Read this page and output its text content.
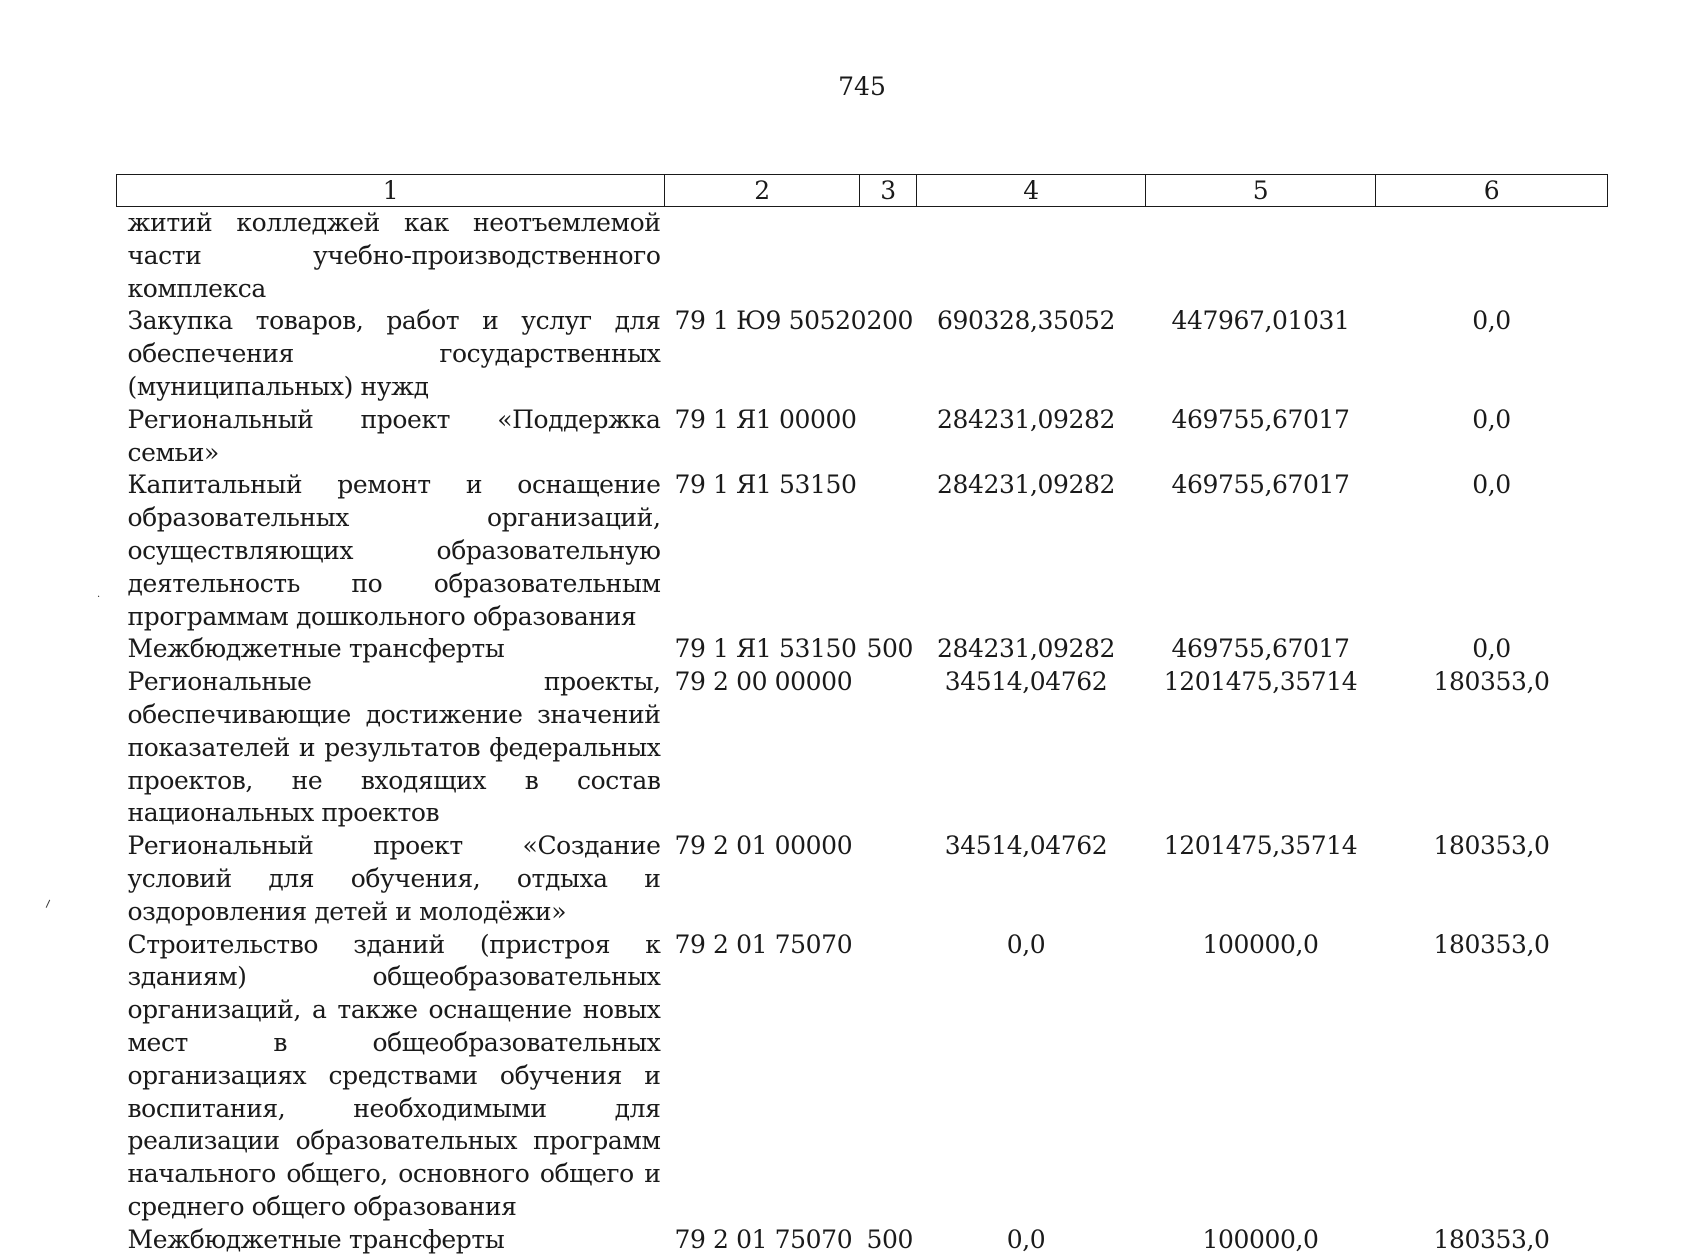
745
1	2	3	4	5	6
житий колледжей как неотъемлемой части учебно-производственного комплекса					
Закупка товаров, работ и услуг для обеспечения государственных (муниципальных) нужд	79 1 Ю9 50520	200	690328,35052	447967,01031	0,0
Региональный проект «Поддержка семьи»	79 1 Я1 00000		284231,09282	469755,67017	0,0
Капитальный ремонт и оснащение образовательных организаций, осуществляющих образовательную деятельность по образовательным программам дошкольного образования	79 1 Я1 53150		284231,09282	469755,67017	0,0
Межбюджетные трансферты	79 1 Я1 53150	500	284231,09282	469755,67017	0,0
Региональные проекты, обеспечивающие достижение значений показателей и результатов федеральных проектов, не входящих в состав национальных проектов	79 2 00 00000		34514,04762	1201475,35714	180353,0
Региональный проект «Создание условий для обучения, отдыха и оздоровления детей и молодёжи»	79 2 01 00000		34514,04762	1201475,35714	180353,0
Строительство зданий (пристроя к зданиям) общеобразовательных организаций, а также оснащение новых мест в общеобразовательных организациях средствами обучения и воспитания, необходимыми для реализации образовательных программ начального общего, основного общего и среднего общего образования	79 2 01 75070		0,0	100000,0	180353,0
Межбюджетные трансферты	79 2 01 75070	500	0,0	100000,0	180353,0
·
⸝
